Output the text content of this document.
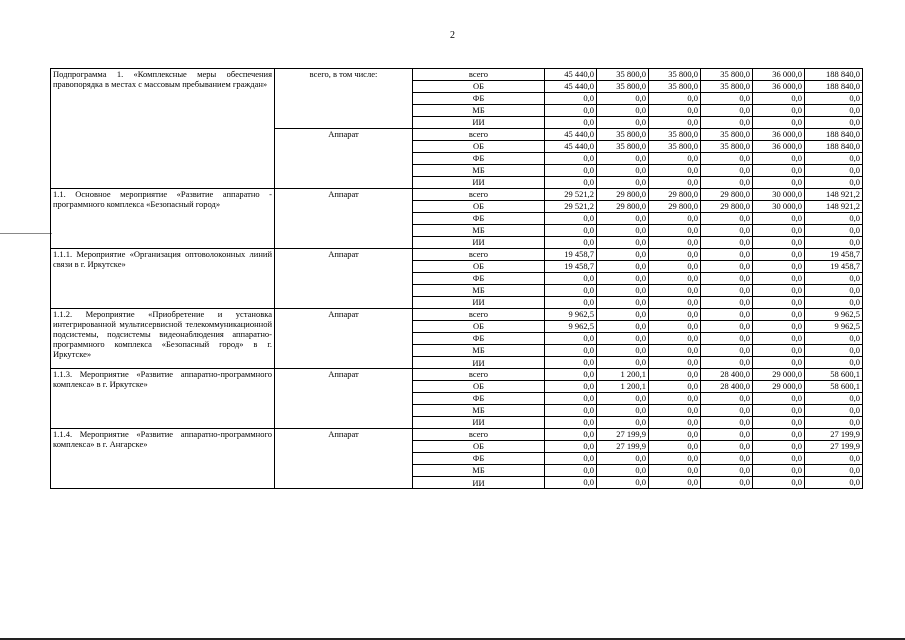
2
Подпрограмма 1. «Комплексные меры обеспечения правопорядка в местах с массовым пребыванием граждан»	всего, в том числе:	всего	45 440,0	35 800,0	35 800,0	35 800,0	36 000,0	188 840,0
		ОБ	45 440,0	35 800,0	35 800,0	35 800,0	36 000,0	188 840,0
		ФБ	0,0	0,0	0,0	0,0	0,0	0,0
		МБ	0,0	0,0	0,0	0,0	0,0	0,0
		ИИ	0,0	0,0	0,0	0,0	0,0	0,0
	Аппарат	всего	45 440,0	35 800,0	35 800,0	35 800,0	36 000,0	188 840,0
		ОБ	45 440,0	35 800,0	35 800,0	35 800,0	36 000,0	188 840,0
		ФБ	0,0	0,0	0,0	0,0	0,0	0,0
		МБ	0,0	0,0	0,0	0,0	0,0	0,0
		ИИ	0,0	0,0	0,0	0,0	0,0	0,0
1.1. Основное мероприятие «Развитие аппаратно - программного комплекса «Безопасный город»	Аппарат	всего	29 521,2	29 800,0	29 800,0	29 800,0	30 000,0	148 921,2
		ОБ	29 521,2	29 800,0	29 800,0	29 800,0	30 000,0	148 921,2
		ФБ	0,0	0,0	0,0	0,0	0,0	0,0
		МБ	0,0	0,0	0,0	0,0	0,0	0,0
		ИИ	0,0	0,0	0,0	0,0	0,0	0,0
1.1.1. Мероприятие «Организация оптоволоконных линий связи в г. Иркутске»	Аппарат	всего	19 458,7	0,0	0,0	0,0	0,0	19 458,7
		ОБ	19 458,7	0,0	0,0	0,0	0,0	19 458,7
		ФБ	0,0	0,0	0,0	0,0	0,0	0,0
		МБ	0,0	0,0	0,0	0,0	0,0	0,0
		ИИ	0,0	0,0	0,0	0,0	0,0	0,0
1.1.2. Мероприятие «Приобретение и установка интегрированной мультисервисной телекоммуникационной подсистемы, подсистемы видеонаблюдения аппаратно-программного комплекса «Безопасный город» в г. Иркутске»	Аппарат	всего	9 962,5	0,0	0,0	0,0	0,0	9 962,5
		ОБ	9 962,5	0,0	0,0	0,0	0,0	9 962,5
		ФБ	0,0	0,0	0,0	0,0	0,0	0,0
		МБ	0,0	0,0	0,0	0,0	0,0	0,0
		ИИ	0,0	0,0	0,0	0,0	0,0	0,0
1.1.3. Мероприятие «Развитие аппаратно-программного комплекса» в г. Иркутске»	Аппарат	всего	0,0	1 200,1	0,0	28 400,0	29 000,0	58 600,1
		ОБ	0,0	1 200,1	0,0	28 400,0	29 000,0	58 600,1
		ФБ	0,0	0,0	0,0	0,0	0,0	0,0
		МБ	0,0	0,0	0,0	0,0	0,0	0,0
		ИИ	0,0	0,0	0,0	0,0	0,0	0,0
1.1.4. Мероприятие «Развитие аппаратно-программного комплекса» в г. Ангарске»	Аппарат	всего	0,0	27 199,9	0,0	0,0	0,0	27 199,9
		ОБ	0,0	27 199,9	0,0	0,0	0,0	27 199,9
		ФБ	0,0	0,0	0,0	0,0	0,0	0,0
		МБ	0,0	0,0	0,0	0,0	0,0	0,0
		ИИ	0,0	0,0	0,0	0,0	0,0	0,0
